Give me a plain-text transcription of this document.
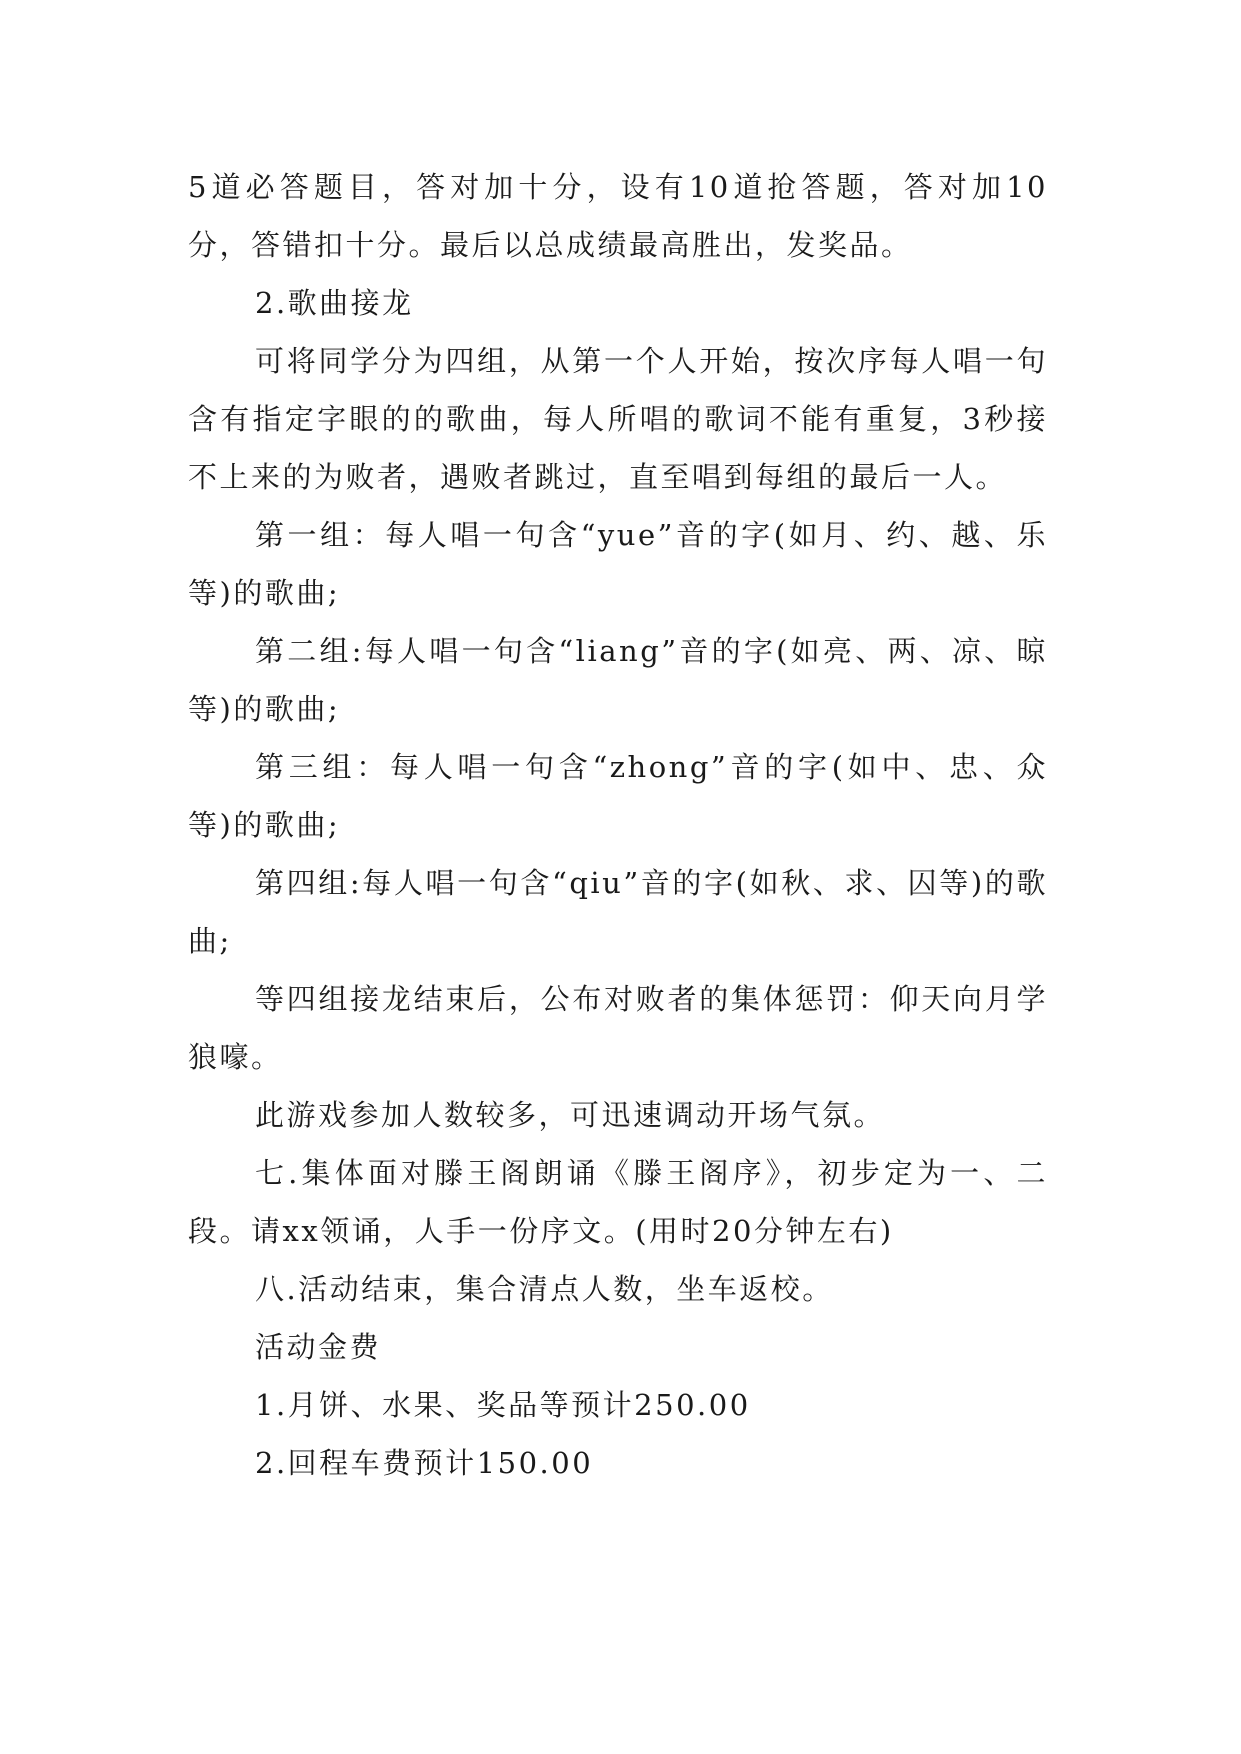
5道必答题目，答对加十分，设有10道抢答题，答对加10分，答错扣十分。最后以总成绩最高胜出，发奖品。

2.歌曲接龙

可将同学分为四组，从第一个人开始，按次序每人唱一句含有指定字眼的的歌曲，每人所唱的歌词不能有重复，3秒接不上来的为败者，遇败者跳过，直至唱到每组的最后一人。

第一组：每人唱一句含“yue”音的字(如月、约、越、乐等)的歌曲;

第二组:每人唱一句含“liang”音的字(如亮、两、凉、晾等)的歌曲;

第三组：每人唱一句含“zhong”音的字(如中、忠、众等)的歌曲;

第四组:每人唱一句含“qiu”音的字(如秋、求、囚等)的歌曲;

等四组接龙结束后，公布对败者的集体惩罚：仰天向月学狼嚎。

此游戏参加人数较多，可迅速调动开场气氛。

七.集体面对滕王阁朗诵《滕王阁序》，初步定为一、二段。请xx领诵，人手一份序文。(用时20分钟左右)

八.活动结束，集合清点人数，坐车返校。

活动金费

1.月饼、水果、奖品等预计250.00

2.回程车费预计150.00
